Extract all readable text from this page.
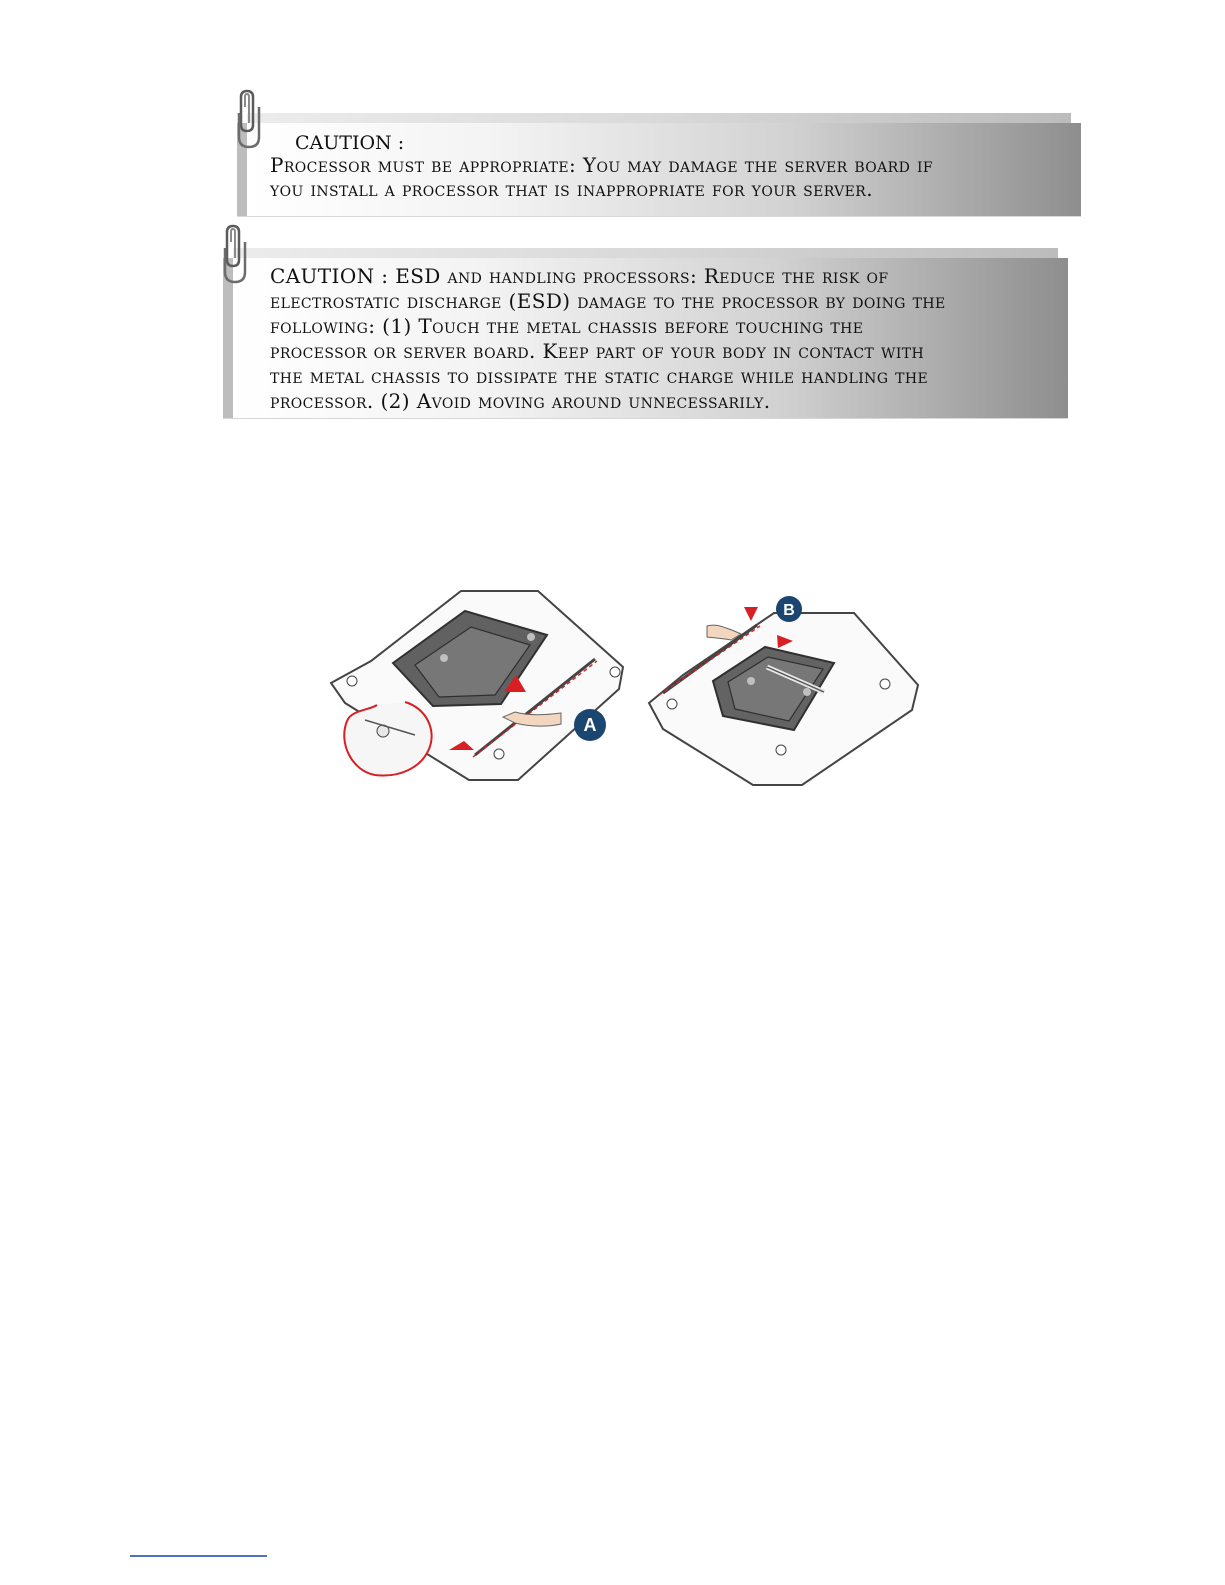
CAUTION :
Processor must be appropriate: You may damage the server board if
you install a processor that is inappropriate for your server.
CAUTION : ESD and handling processors: Reduce the risk of
electrostatic discharge (ESD) damage to the processor by doing the
following: (1) Touch the metal chassis before touching the
processor or server board. Keep part of your body in contact with
the metal chassis to dissipate the static charge while handling the
processor. (2) Avoid moving around unnecessarily.
A
B
